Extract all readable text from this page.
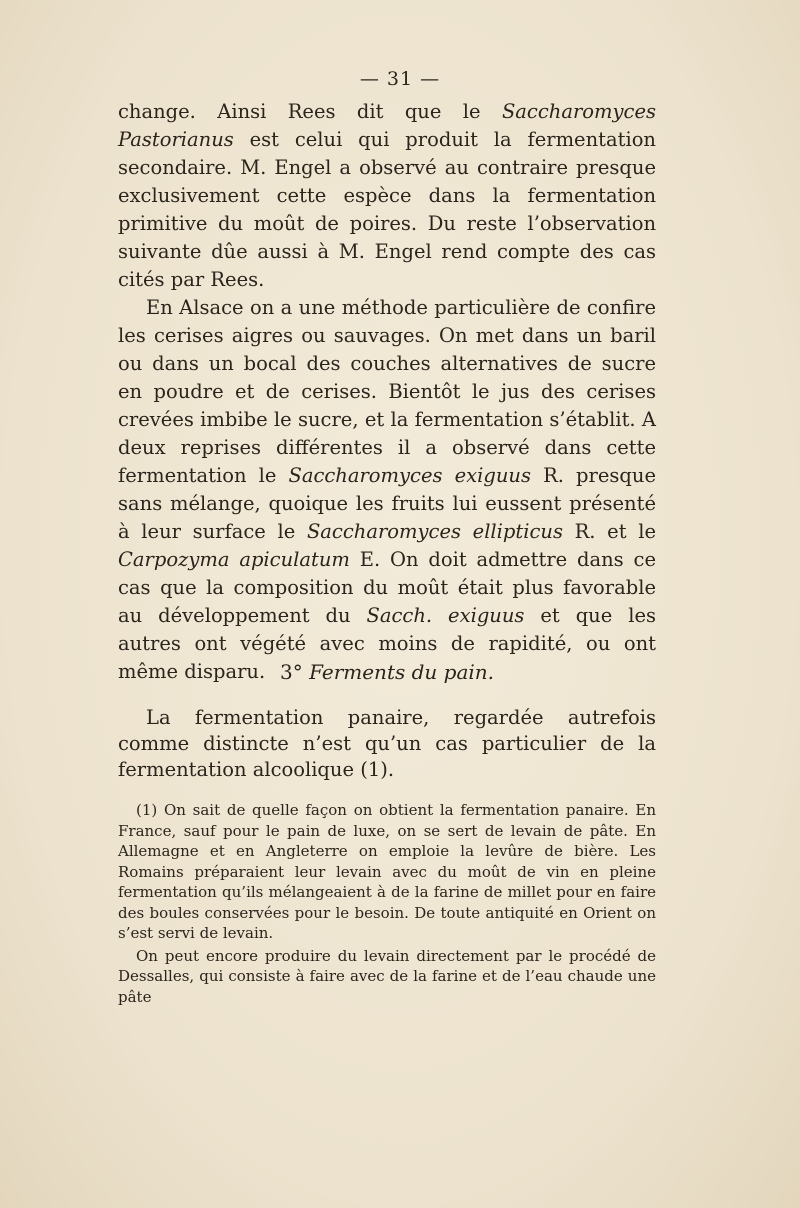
— 31 —

change. Ainsi Rees dit que le Saccharomyces Pastorianus est celui qui produit la fermentation secondaire. M. Engel a observé au contraire presque exclusivement cette espèce dans la fermentation primitive du moût de poires. Du reste l’observation suivante dûe aussi à M. Engel rend compte des cas cités par Rees.

En Alsace on a une méthode particulière de confire les cerises aigres ou sauvages. On met dans un baril ou dans un bocal des couches alternatives de sucre en poudre et de cerises. Bientôt le jus des cerises crevées imbibe le sucre, et la fermentation s’établit. A deux reprises différentes il a observé dans cette fermentation le Saccharomyces exiguus R. presque sans mélange, quoique les fruits lui eussent présenté à leur surface le Saccharomyces ellipticus R. et le Carpozyma apiculatum E. On doit admettre dans ce cas que la composition du moût était plus favorable au développement du Sacch. exiguus et que les autres ont végété avec moins de rapidité, ou ont même disparu. 3° Ferments du pain.

La fermentation panaire, regardée autrefois comme distincte n’est qu’un cas particulier de la fermentation alcoolique (1).

(1) On sait de quelle façon on obtient la fermentation panaire. En France, sauf pour le pain de luxe, on se sert de levain de pâte. En Allemagne et en Angleterre on emploie la levûre de bière. Les Romains préparaient leur levain avec du moût de vin en pleine fermentation qu’ils mélangeaient à de la farine de millet pour en faire des boules conservées pour le besoin. De toute antiquité en Orient on s’est servi de levain.

On peut encore produire du levain directement par le procédé de Dessalles, qui consiste à faire avec de la farine et de l’eau chaude une pâte
